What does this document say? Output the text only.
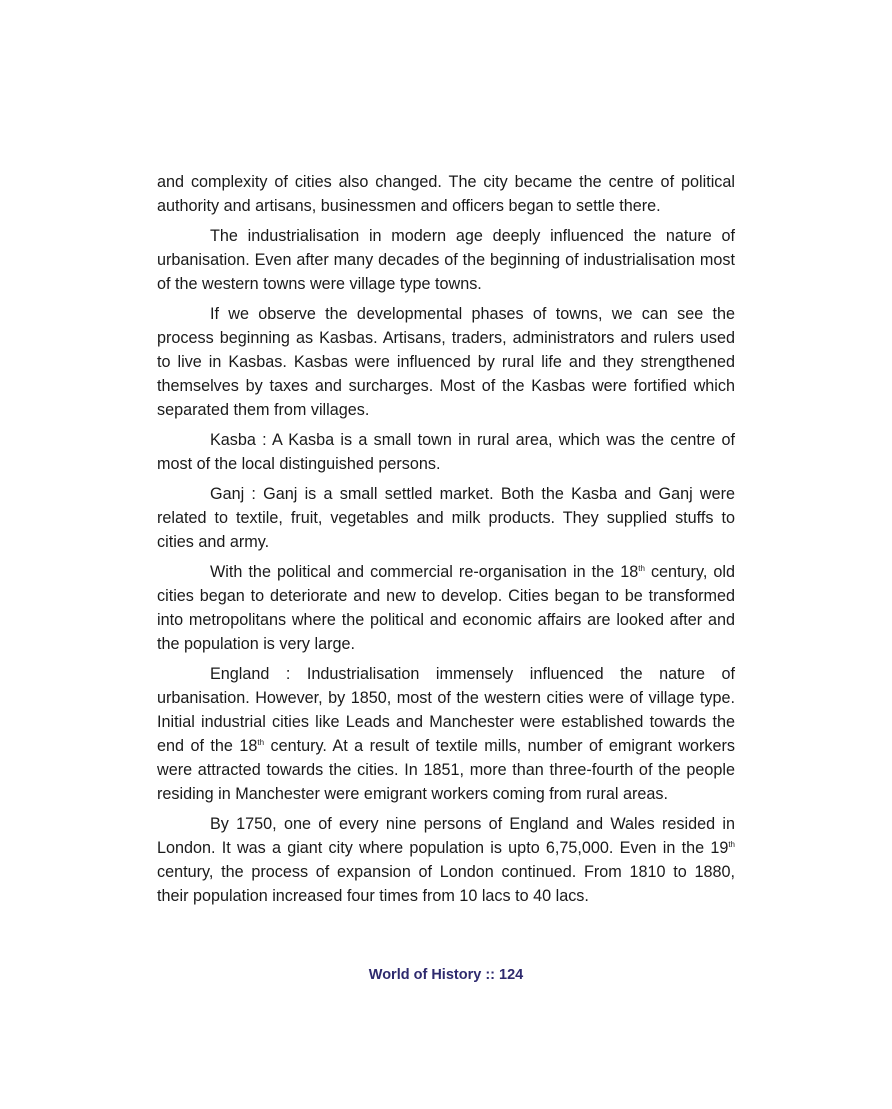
and complexity of cities also changed. The city became the centre of political authority and artisans, businessmen and officers began to settle there.

The industrialisation in modern age deeply influenced the nature of urbanisation. Even after many decades of the beginning of industrialisation most of the western towns were village type towns.

If we observe the developmental phases of towns, we can see the process beginning as Kasbas. Artisans, traders, administrators and rulers used to live in Kasbas. Kasbas were influenced by rural life and they strengthened themselves by taxes and surcharges. Most of the Kasbas were fortified which separated them from villages.

Kasba : A Kasba is a small town in rural area, which was the centre of most of the local distinguished persons.

Ganj : Ganj is a small settled market. Both the Kasba and Ganj were related to textile, fruit, vegetables and milk products. They supplied stuffs to cities and army.

With the political and commercial re-organisation in the 18th century, old cities began to deteriorate and new to develop. Cities began to be transformed into metropolitans where the political and economic affairs are looked after and the population is very large.

England : Industrialisation immensely influenced the nature of urbanisation. However, by 1850, most of the western cities were of village type. Initial industrial cities like Leads and Manchester were established towards the end of the 18th century. At a result of textile mills, number of emigrant workers were attracted towards the cities. In 1851, more than three-fourth of the people residing in Manchester were emigrant workers coming from rural areas.

By 1750, one of every nine persons of England and Wales resided in London. It was a giant city where population is upto 6,75,000. Even in the 19th century, the process of expansion of London continued. From 1810 to 1880, their population increased four times from 10 lacs to 40 lacs.

World of History :: 124
